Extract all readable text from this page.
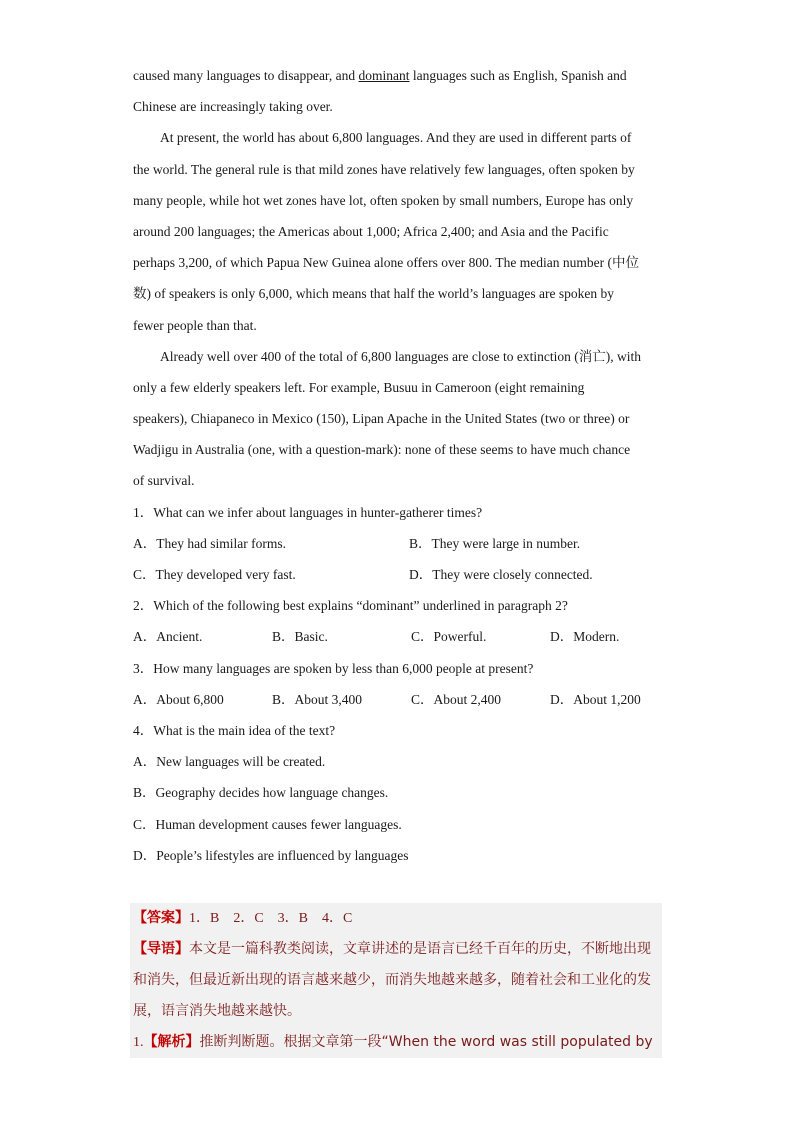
caused many languages to disappear, and dominant languages such as English, Spanish and
Chinese are increasingly taking over.
At present, the world has about 6,800 languages. And they are used in different parts of
the world. The general rule is that mild zones have relatively few languages, often spoken by
many people, while hot wet zones have lot, often spoken by small numbers, Europe has only
around 200 languages; the Americas about 1,000; Africa 2,400; and Asia and the Pacific
perhaps 3,200, of which Papua New Guinea alone offers over 800. The median number (中位
数) of speakers is only 6,000, which means that half the world’s languages are spoken by
fewer people than that.
Already well over 400 of the total of 6,800 languages are close to extinction (消亡), with
only a few elderly speakers left. For example, Busuu in Cameroon (eight remaining
speakers), Chiapaneco in Mexico (150), Lipan Apache in the United States (two or three) or
Wadjigu in Australia (one, with a question-mark): none of these seems to have much chance
of survival.
1．What can we infer about languages in hunter-gatherer times?
A．They had similar forms.	B．They were large in number.
C．They developed very fast.	D．They were closely connected.
2．Which of the following best explains “dominant” underlined in paragraph 2?
A．Ancient.	B．Basic.	C．Powerful.	D．Modern.
3．How many languages are spoken by less than 6,000 people at present?
A．About 6,800	B．About 3,400	C．About 2,400	D．About 1,200
4．What is the main idea of the text?
A．New languages will be created.
B．Geography decides how language changes.
C．Human development causes fewer languages.
D．People’s lifestyles are influenced by languages
【答案】1．B　2．C　3．B　4．C
【导语】本文是一篇科教类阅读，文章讲述的是语言已经千百年的历史，不断地出现和消失，但最近新出现的语言越来越少，而消失地越来越多，随着社会和工业化的发展，语言消失地越来越快。
1.【解析】推断判断题。根据文章第一段“When the word was still populated by
